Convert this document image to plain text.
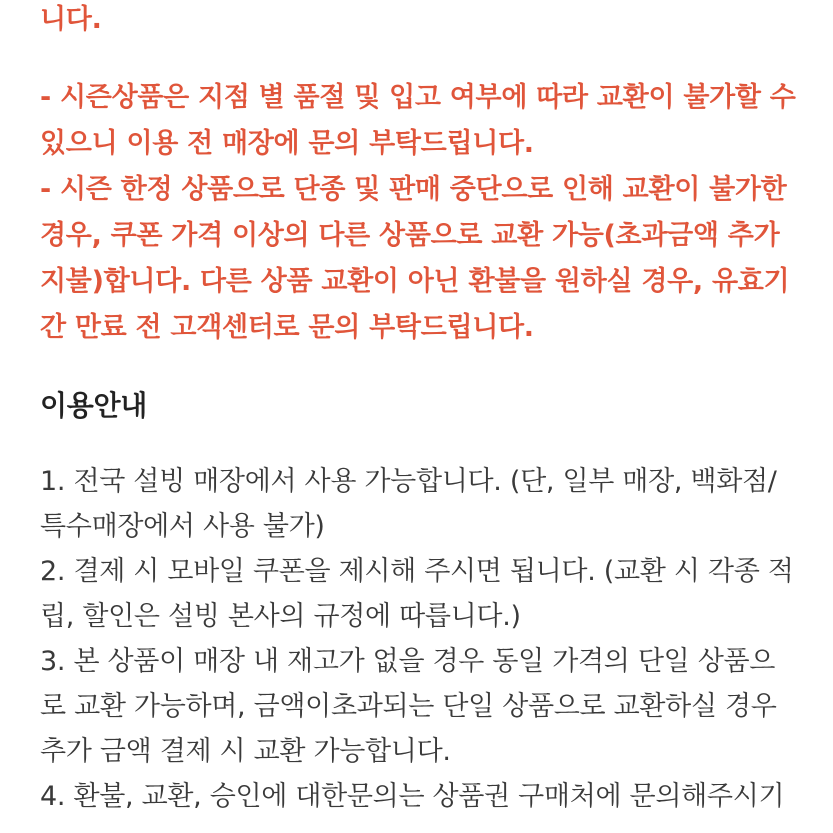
니다.
- 시즌상품은 지점 별 품절 및 입고 여부에 따라 교환이 불가할 수
있으니 이용 전 매장에 문의 부탁드립니다.
- 시즌 한정 상품으로 단종 및 판매 중단으로 인해 교환이 불가한
경우, 쿠폰 가격 이상의 다른 상품으로 교환 가능(초과금액 추가
지불)합니다. 다른 상품 교환이 아닌 환불을 원하실 경우, 유효기
간 만료 전 고객센터로 문의 부탁드립니다.
이용안내
1. 전국 설빙 매장에서 사용 가능합니다. (단, 일부 매장, 백화점/
특수매장에서 사용 불가)
2. 결제 시 모바일 쿠폰을 제시해 주시면 됩니다. (교환 시 각종 적
립, 할인은 설빙 본사의 규정에 따릅니다.)
3. 본 상품이 매장 내 재고가 없을 경우 동일 가격의 단일 상품으
로 교환 가능하며, 금액이초과되는 단일 상품으로 교환하실 경우
추가 금액 결제 시 교환 가능합니다.
4. 환불, 교환, 승인에 대한문의는 상품권 구매처에 문의해주시기
